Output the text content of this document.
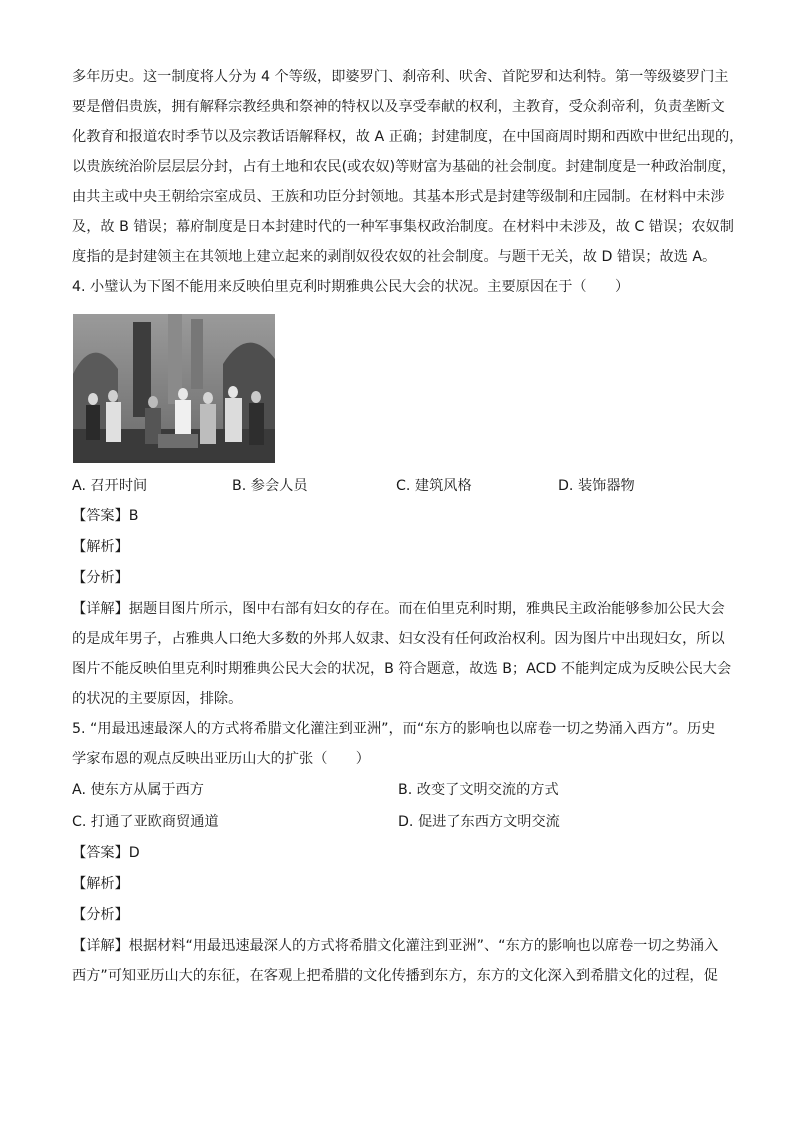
多年历史。这一制度将人分为 4 个等级，即婆罗门、刹帝利、吠舍、首陀罗和达利特。第一等级婆罗门主
要是僧侣贵族，拥有解释宗教经典和祭神的特权以及享受奉献的权利，主教育，受众刹帝利，负责垄断文
化教育和报道农时季节以及宗教话语解释权，故 A 正确；封建制度，在中国商周时期和西欧中世纪出现的，
以贵族统治阶层层层分封，占有土地和农民(或农奴)等财富为基础的社会制度。封建制度是一种政治制度，
由共主或中央王朝给宗室成员、王族和功臣分封领地。其基本形式是封建等级制和庄园制。在材料中未涉
及，故 B 错误；幕府制度是日本封建时代的一种军事集权政治制度。在材料中未涉及，故 C 错误；农奴制
度指的是封建领主在其领地上建立起来的剥削奴役农奴的社会制度。与题干无关，故 D 错误；故选 A。

4. 小璧认为下图不能用来反映伯里克利时期雅典公民大会的状况。主要原因在于（　　）

A. 召开时间	B. 参会人员	C. 建筑风格	D. 装饰器物

【答案】B

【解析】

【分析】

【详解】据题目图片所示，图中右部有妇女的存在。而在伯里克利时期，雅典民主政治能够参加公民大会
的是成年男子，占雅典人口绝大多数的外邦人奴隶、妇女没有任何政治权利。因为图片中出现妇女，所以
图片不能反映伯里克利时期雅典公民大会的状况，B 符合题意，故选 B；ACD 不能判定成为反映公民大会
的状况的主要原因，排除。
5. “用最迅速最深人的方式将希腊文化灌注到亚洲”，而“东方的影响也以席卷一切之势涌入西方”。历史
学家布恩的观点反映出亚历山大的扩张（　　）
A. 使东方从属于西方	B. 改变了文明交流的方式
C. 打通了亚欧商贸通道	D. 促进了东西方文明交流

【答案】D

【解析】

【分析】

【详解】根据材料“用最迅速最深人的方式将希腊文化灌注到亚洲”、“东方的影响也以席卷一切之势涌入
西方”可知亚历山大的东征，在客观上把希腊的文化传播到东方，东方的文化深入到希腊文化的过程，促
